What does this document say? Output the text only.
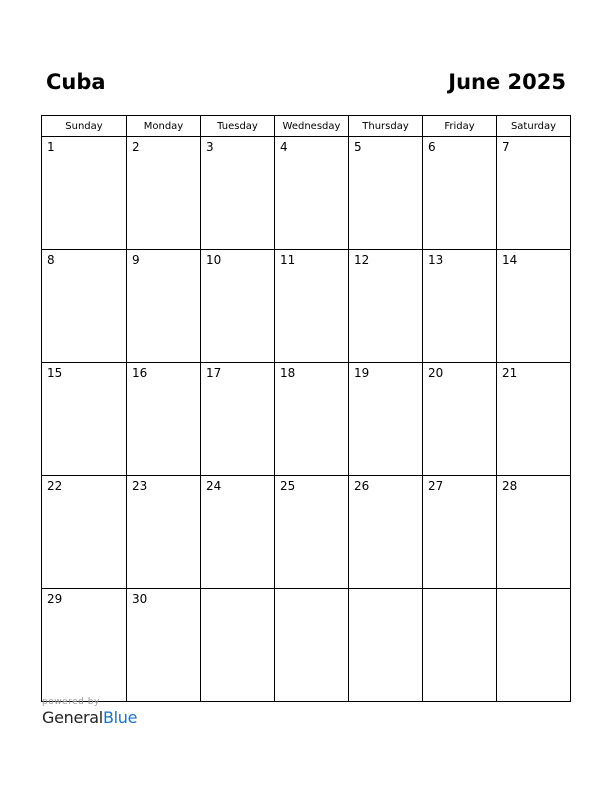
Cuba	June 2025
Sunday	Monday	Tuesday	Wednesday	Thursday	Friday	Saturday
1	2	3	4	5	6	7
8	9	10	11	12	13	14
15	16	17	18	19	20	21
22	23	24	25	26	27	28
29	30					
powered by
GeneralBlue
